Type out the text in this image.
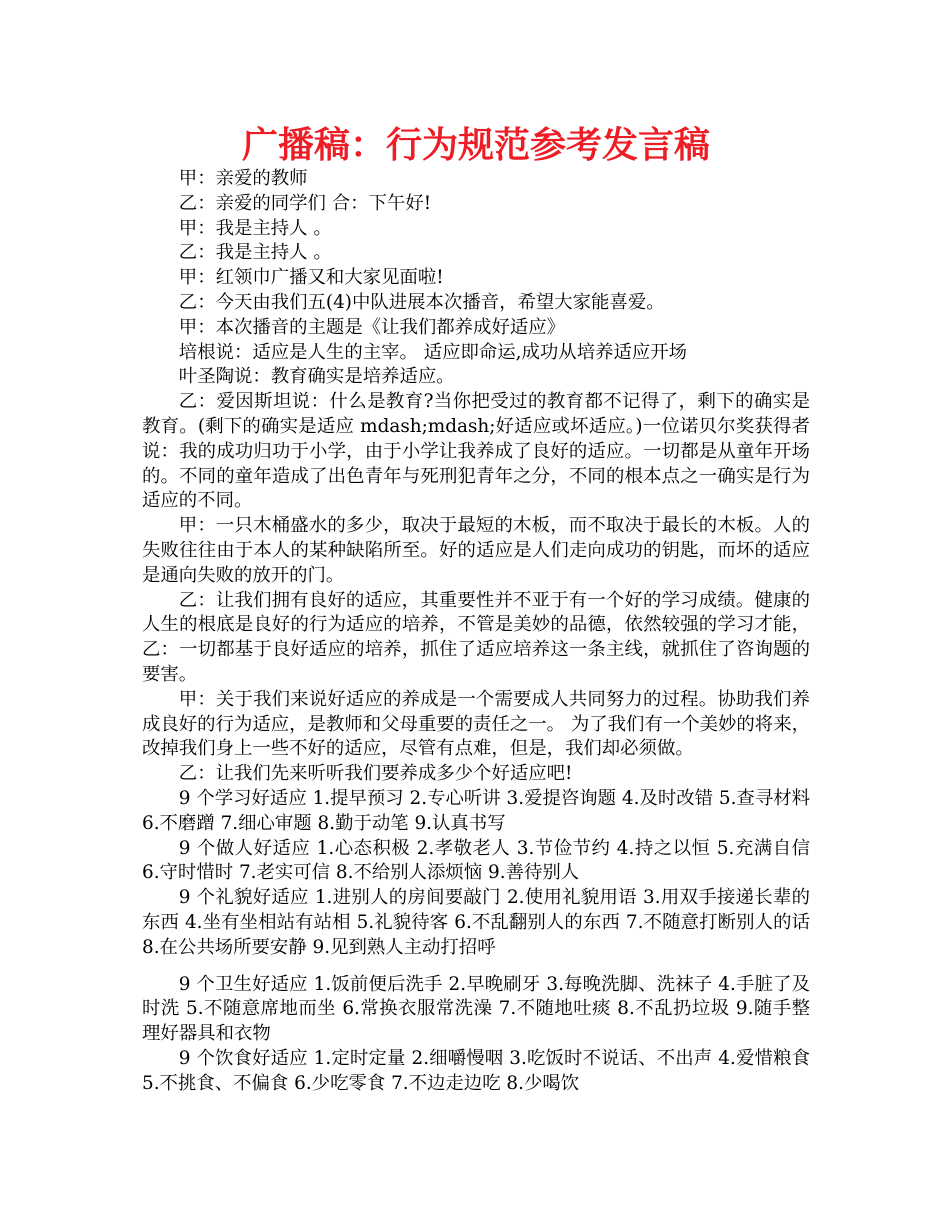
广播稿：行为规范参考发言稿

甲：亲爱的教师

乙：亲爱的同学们 合：下午好!

甲：我是主持人 。

乙：我是主持人 。

甲：红领巾广播又和大家见面啦!

乙：今天由我们五(4)中队进展本次播音，希望大家能喜爱。

甲：本次播音的主题是《让我们都养成好适应》

培根说：适应是人生的主宰。 适应即命运,成功从培养适应开场

叶圣陶说：教育确实是培养适应。

乙：爱因斯坦说：什么是教育?当你把受过的教育都不记得了，剩下的确实是教育。(剩下的确实是适应 mdash;mdash;好适应或坏适应。)一位诺贝尔奖获得者说：我的成功归功于小学，由于小学让我养成了良好的适应。一切都是从童年开场的。不同的童年造成了出色青年与死刑犯青年之分，不同的根本点之一确实是行为适应的不同。

甲：一只木桶盛水的多少，取决于最短的木板，而不取决于最长的木板。人的失败往往由于本人的某种缺陷所至。好的适应是人们走向成功的钥匙，而坏的适应是通向失败的放开的门。

乙：让我们拥有良好的适应，其重要性并不亚于有一个好的学习成绩。健康的人生的根底是良好的行为适应的培养，不管是美妙的品德，依然较强的学习才能，乙：一切都基于良好适应的培养，抓住了适应培养这一条主线，就抓住了咨询题的要害。

甲：关于我们来说好适应的养成是一个需要成人共同努力的过程。协助我们养成良好的行为适应，是教师和父母重要的责任之一。 为了我们有一个美妙的将来，改掉我们身上一些不好的适应，尽管有点难，但是，我们却必须做。

乙：让我们先来听听我们要养成多少个好适应吧!

9 个学习好适应 1.提早预习 2.专心听讲 3.爱提咨询题 4.及时改错 5.查寻材料 6.不磨蹭 7.细心审题 8.勤于动笔 9.认真书写

9 个做人好适应 1.心态积极 2.孝敬老人 3.节俭节约 4.持之以恒 5.充满自信 6.守时惜时 7.老实可信 8.不给别人添烦恼 9.善待别人

9 个礼貌好适应 1.进别人的房间要敲门 2.使用礼貌用语 3.用双手接递长辈的东西 4.坐有坐相站有站相 5.礼貌待客 6.不乱翻别人的东西 7.不随意打断别人的话 8.在公共场所要安静 9.见到熟人主动打招呼

9 个卫生好适应 1.饭前便后洗手 2.早晚刷牙 3.每晚洗脚、洗袜子 4.手脏了及时洗 5.不随意席地而坐 6.常换衣服常洗澡 7.不随地吐痰 8.不乱扔垃圾 9.随手整理好器具和衣物

9 个饮食好适应 1.定时定量 2.细嚼慢咽 3.吃饭时不说话、不出声 4.爱惜粮食 5.不挑食、不偏食 6.少吃零食 7.不边走边吃 8.少喝饮
